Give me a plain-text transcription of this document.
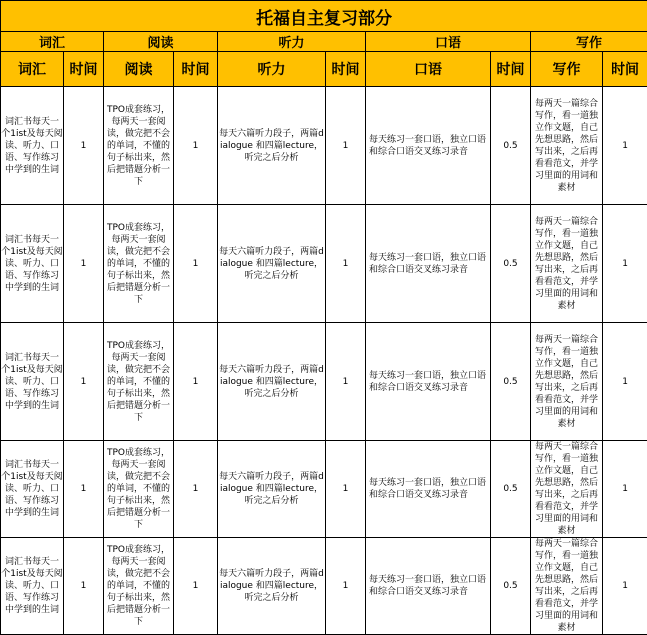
托福自主复习部分									
词汇		阅读		听力		口语		写作	
词汇	时间	阅读	时间	听力	时间	口语	时间	写作	时间
词汇书每天一个1ist及每天阅读、听力、口语、写作练习中学到的生词	1	TPO成套练习，每两天一套阅读，做完把不会的单词，不懂的句子标出来，然后把错题分析一下	1	每天六篇听力段子，两篇dialogue 和四篇lecture，听完之后分析	1	每天练习一套口语，独立口语和综合口语交叉练习录音	0.5	每两天一篇综合写作，看一道独立作文题，自己先想思路，然后写出来，之后再看看范文，并学习里面的用词和素材	1
词汇书每天一个1ist及每天阅读、听力、口语、写作练习中学到的生词	1	TPO成套练习，每两天一套阅读，做完把不会的单词，不懂的句子标出来，然后把错题分析一下	1	每天六篇听力段子，两篇dialogue 和四篇lecture，听完之后分析	1	每天练习一套口语，独立口语和综合口语交叉练习录音	0.5	每两天一篇综合写作，看一道独立作文题，自己先想思路，然后写出来，之后再看看范文，并学习里面的用词和素材	1
词汇书每天一个1ist及每天阅读、听力、口语、写作练习中学到的生词	1	TPO成套练习，每两天一套阅读，做完把不会的单词，不懂的句子标出来，然后把错题分析一下	1	每天六篇听力段子，两篇dialogue 和四篇lecture，听完之后分析	1	每天练习一套口语，独立口语和综合口语交叉练习录音	0.5	每两天一篇综合写作，看一道独立作文题，自己先想思路，然后写出来，之后再看看范文，并学习里面的用词和素材	1
词汇书每天一个1ist及每天阅读、听力、口语、写作练习中学到的生词	1	TPO成套练习，每两天一套阅读，做完把不会的单词，不懂的句子标出来，然后把错题分析一下	1	每天六篇听力段子，两篇dialogue 和四篇lecture，听完之后分析	1	每天练习一套口语，独立口语和综合口语交叉练习录音	0.5	每两天一篇综合写作，看一道独立作文题，自己先想思路，然后写出来，之后再看看范文，并学习里面的用词和素材	1
词汇书每天一个1ist及每天阅读、听力、口语、写作练习中学到的生词	1	TPO成套练习，每两天一套阅读，做完把不会的单词，不懂的句子标出来，然后把错题分析一下	1	每天六篇听力段子，两篇dialogue 和四篇lecture，听完之后分析	1	每天练习一套口语，独立口语和综合口语交叉练习录音	0.5	每两天一篇综合写作，看一道独立作文题，自己先想思路，然后写出来，之后再看看范文，并学习里面的用词和素材	1
